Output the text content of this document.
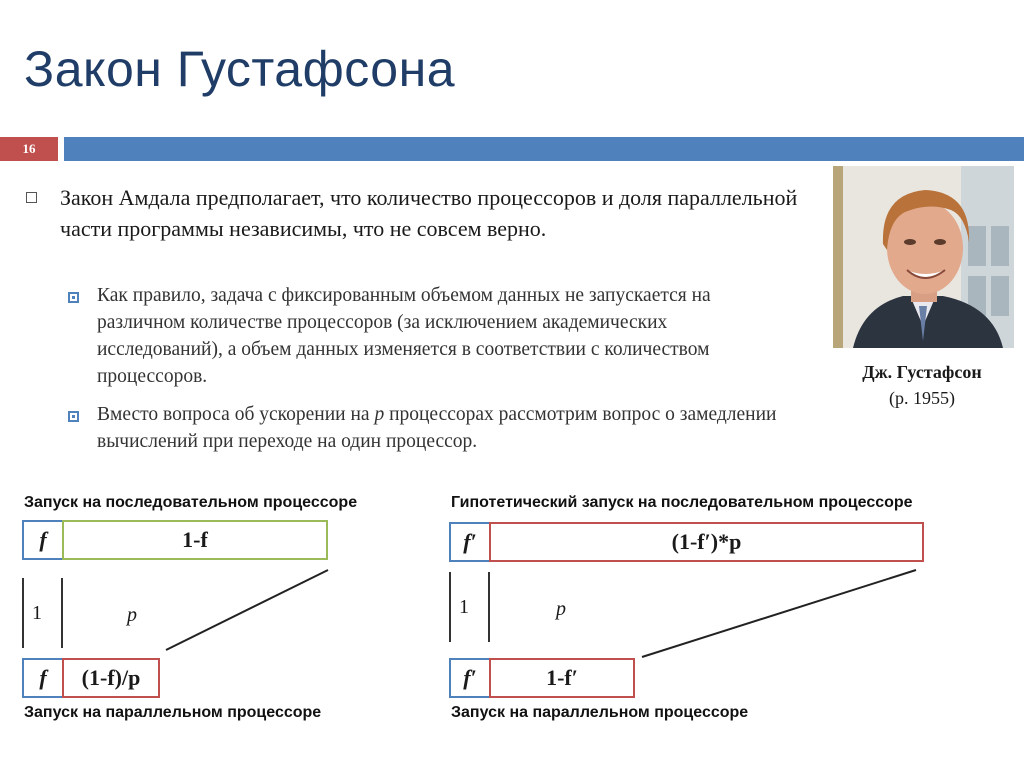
Закон Густафсона
16
Закон Амдала предполагает, что количество процессоров и доля параллельной части программы независимы, что не совсем верно.
Как правило, задача с фиксированным объемом данных не запускается на различном количестве процессоров (за исключением академических исследований), а объем данных изменяется в соответствии с количеством процессоров.
Вместо вопроса об ускорении на p процессорах рассмотрим вопрос о замедлении вычислений при переходе на один процессор.
Дж. Густафсон
(р. 1955)
Запуск на последовательном процессоре
f	1-f
1	p
f (1-f)/p
Запуск на параллельном процессоре
Гипотетический запуск на последовательном процессоре
f′	(1-f′)*p
1	p
f′	1-f′
Запуск на параллельном процессоре
